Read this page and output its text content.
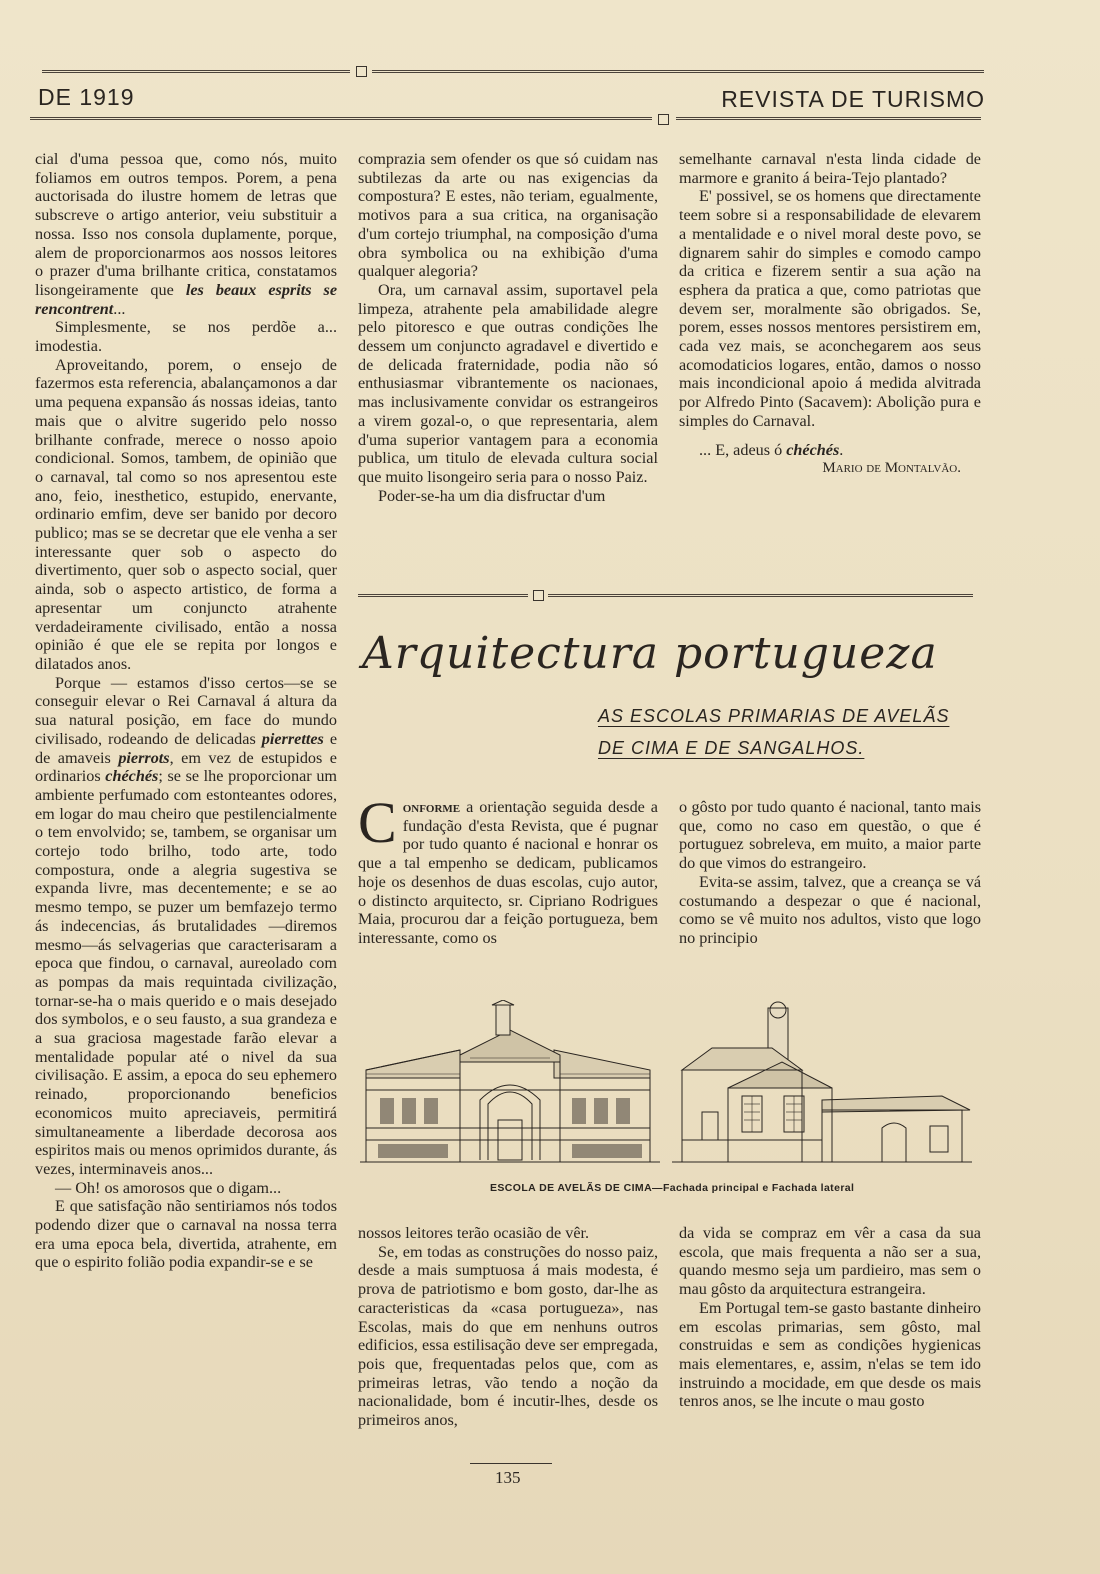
DE 1919	REVISTA DE TURISMO

cial d'uma pessoa que, como nós, muito foliamos em outros tempos. Porem, a pena auctorisada do ilustre homem de letras que subscreve o artigo anterior, veiu substituir a nossa. Isso nos consola duplamente, porque, alem de proporcionarmos aos nossos leitores o prazer d'uma brilhante critica, constatamos lisongeiramente que les beaux esprits se rencontrent...

Simplesmente, se nos perdõe a... imodestia.

Aproveitando, porem, o ensejo de fazermos esta referencia, abalançamonos a dar uma pequena expansão ás nossas ideias, tanto mais que o alvitre sugerido pelo nosso brilhante confrade, merece o nosso apoio condicional. Somos, tambem, de opinião que o carnaval, tal como so nos apresentou este ano, feio, inesthetico, estupido, enervante, ordinario emfim, deve ser banido por decoro publico; mas se se decretar que ele venha a ser interessante quer sob o aspecto do divertimento, quer sob o aspecto social, quer ainda, sob o aspecto artistico, de forma a apresentar um conjuncto atrahente verdadeiramente civilisado, então a nossa opinião é que ele se repita por longos e dilatados anos.

Porque — estamos d'isso certos—se se conseguir elevar o Rei Carnaval á altura da sua natural posição, em face do mundo civilisado, rodeando de delicadas pierrettes e de amaveis pierrots, em vez de estupidos e ordinarios chéchés; se se lhe proporcionar um ambiente perfumado com estonteantes odores, em logar do mau cheiro que pestilencialmente o tem envolvido; se, tambem, se organisar um cortejo todo brilho, todo arte, todo compostura, onde a alegria sugestiva se expanda livre, mas decentemente; e se ao mesmo tempo, se puzer um bemfazejo termo ás indecencias, ás brutalidades —diremos mesmo—ás selvagerias que caracterisaram a epoca que findou, o carnaval, aureolado com as pompas da mais requintada civilização, tornar-se-ha o mais querido e o mais desejado dos symbolos, e o seu fausto, a sua grandeza e a sua graciosa magestade farão elevar a mentalidade popular até o nivel da sua civilisação. E assim, a epoca do seu ephemero reinado, proporcionando beneficios economicos muito apreciaveis, permitirá simultaneamente a liberdade decorosa aos espiritos mais ou menos oprimidos durante, ás vezes, interminaveis anos...

— Oh! os amorosos que o digam...

E que satisfação não sentiriamos nós todos podendo dizer que o carnaval na nossa terra era uma epoca bela, divertida, atrahente, em que o espirito folião podia expandir-se e se

comprazia sem ofender os que só cuidam nas subtilezas da arte ou nas exigencias da compostura? E estes, não teriam, egualmente, motivos para a sua critica, na organisação d'um cortejo triumphal, na composição d'uma obra symbolica ou na exhibição d'uma qualquer alegoria?

Ora, um carnaval assim, suportavel pela limpeza, atrahente pela amabilidade alegre pelo pitoresco e que outras condições lhe dessem um conjuncto agradavel e divertido e de delicada fraternidade, podia não só enthusiasmar vibrantemente os nacionaes, mas inclusivamente convidar os estrangeiros a virem gozal-o, o que representaria, alem d'uma superior vantagem para a economia publica, um titulo de elevada cultura social que muito lisongeiro seria para o nosso Paiz.

Poder-se-ha um dia disfructar d'um

semelhante carnaval n'esta linda cidade de marmore e granito á beira-Tejo plantado?

E' possivel, se os homens que directamente teem sobre si a responsabilidade de elevarem a mentalidade e o nivel moral deste povo, se dignarem sahir do simples e comodo campo da critica e fizerem sentir a sua ação na esphera da pratica a que, como patriotas que devem ser, moralmente são obrigados. Se, porem, esses nossos mentores persistirem em, cada vez mais, se aconchegarem aos seus acomodaticios logares, então, damos o nosso mais incondicional apoio á medida alvitrada por Alfredo Pinto (Sacavem): Abolição pura e simples do Carnaval.

... E, adeus ó chéchés.

Mario de Montalvão.

Arquitectura portugueza
AS ESCOLAS PRIMARIAS DE AVELÃS
DE CIMA E DE SANGALHOS.

C onforme a orientação seguida desde a fundação d'esta Revista, que é pugnar por tudo quanto é nacional e honrar os que a tal empenho se dedicam, publicamos hoje os desenhos de duas escolas, cujo autor, o distincto arquitecto, sr. Cipriano Rodrigues Maia, procurou dar a feição portugueza, bem interessante, como os

o gôsto por tudo quanto é nacional, tanto mais que, como no caso em questão, o que é portuguez sobreleva, em muito, a maior parte do que vimos do estrangeiro.

Evita-se assim, talvez, que a creança se vá costumando a despezar o que é nacional, como se vê muito nos adultos, visto que logo no principio

ESCOLA DE AVELÃS DE CIMA—Fachada principal e Fachada lateral

nossos leitores terão ocasião de vêr.

Se, em todas as construções do nosso paiz, desde a mais sumptuosa á mais modesta, é prova de patriotismo e bom gosto, dar-lhe as caracteristicas da «casa portugueza», nas Escolas, mais do que em nenhuns outros edificios, essa estilisação deve ser empregada, pois que, frequentadas pelos que, com as primeiras letras, vão tendo a noção da nacionalidade, bom é incutir-lhes, desde os primeiros anos,

da vida se compraz em vêr a casa da sua escola, que mais frequenta a não ser a sua, quando mesmo seja um pardieiro, mas sem o mau gôsto da arquitectura estrangeira.

Em Portugal tem-se gasto bastante dinheiro em escolas primarias, sem gôsto, mal construidas e sem as condições hygienicas mais elementares, e, assim, n'elas se tem ido instruindo a mocidade, em que desde os mais tenros anos, se lhe incute o mau gosto

135
